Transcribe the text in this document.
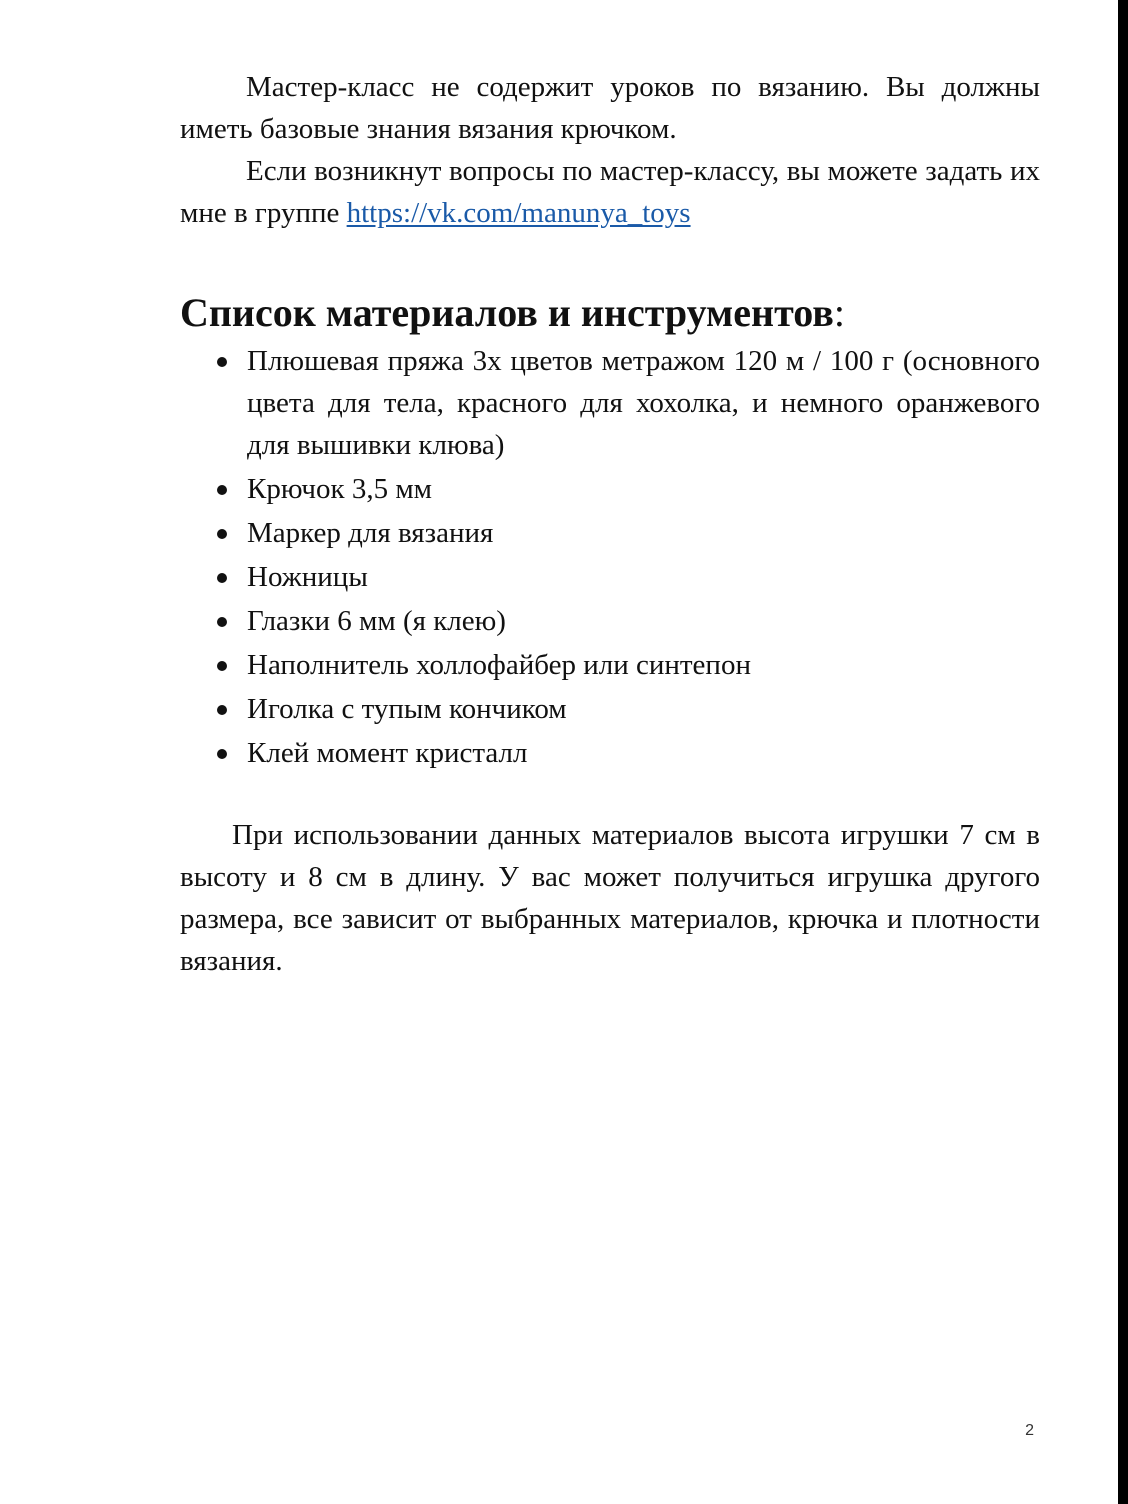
Мастер-класс не содержит уроков по вязанию. Вы должны иметь базовые знания вязания крючком.

Если возникнут вопросы по мастер-классу, вы можете задать их мне в группе https://vk.com/manunya_toys

Список материалов и инструментов:
Плюшевая пряжа 3х цветов метражом 120 м / 100 г (основного цвета для тела, красного для хохолка, и немного оранжевого для вышивки клюва)
Крючок 3,5 мм
Маркер для вязания
Ножницы
Глазки 6 мм (я клею)
Наполнитель холлофайбер или синтепон
Иголка с тупым кончиком
Клей момент кристалл

При использовании данных материалов высота игрушки 7 см в высоту и 8 см в длину. У вас может получиться игрушка другого размера, все зависит от выбранных материалов, крючка и плотности вязания.

2
